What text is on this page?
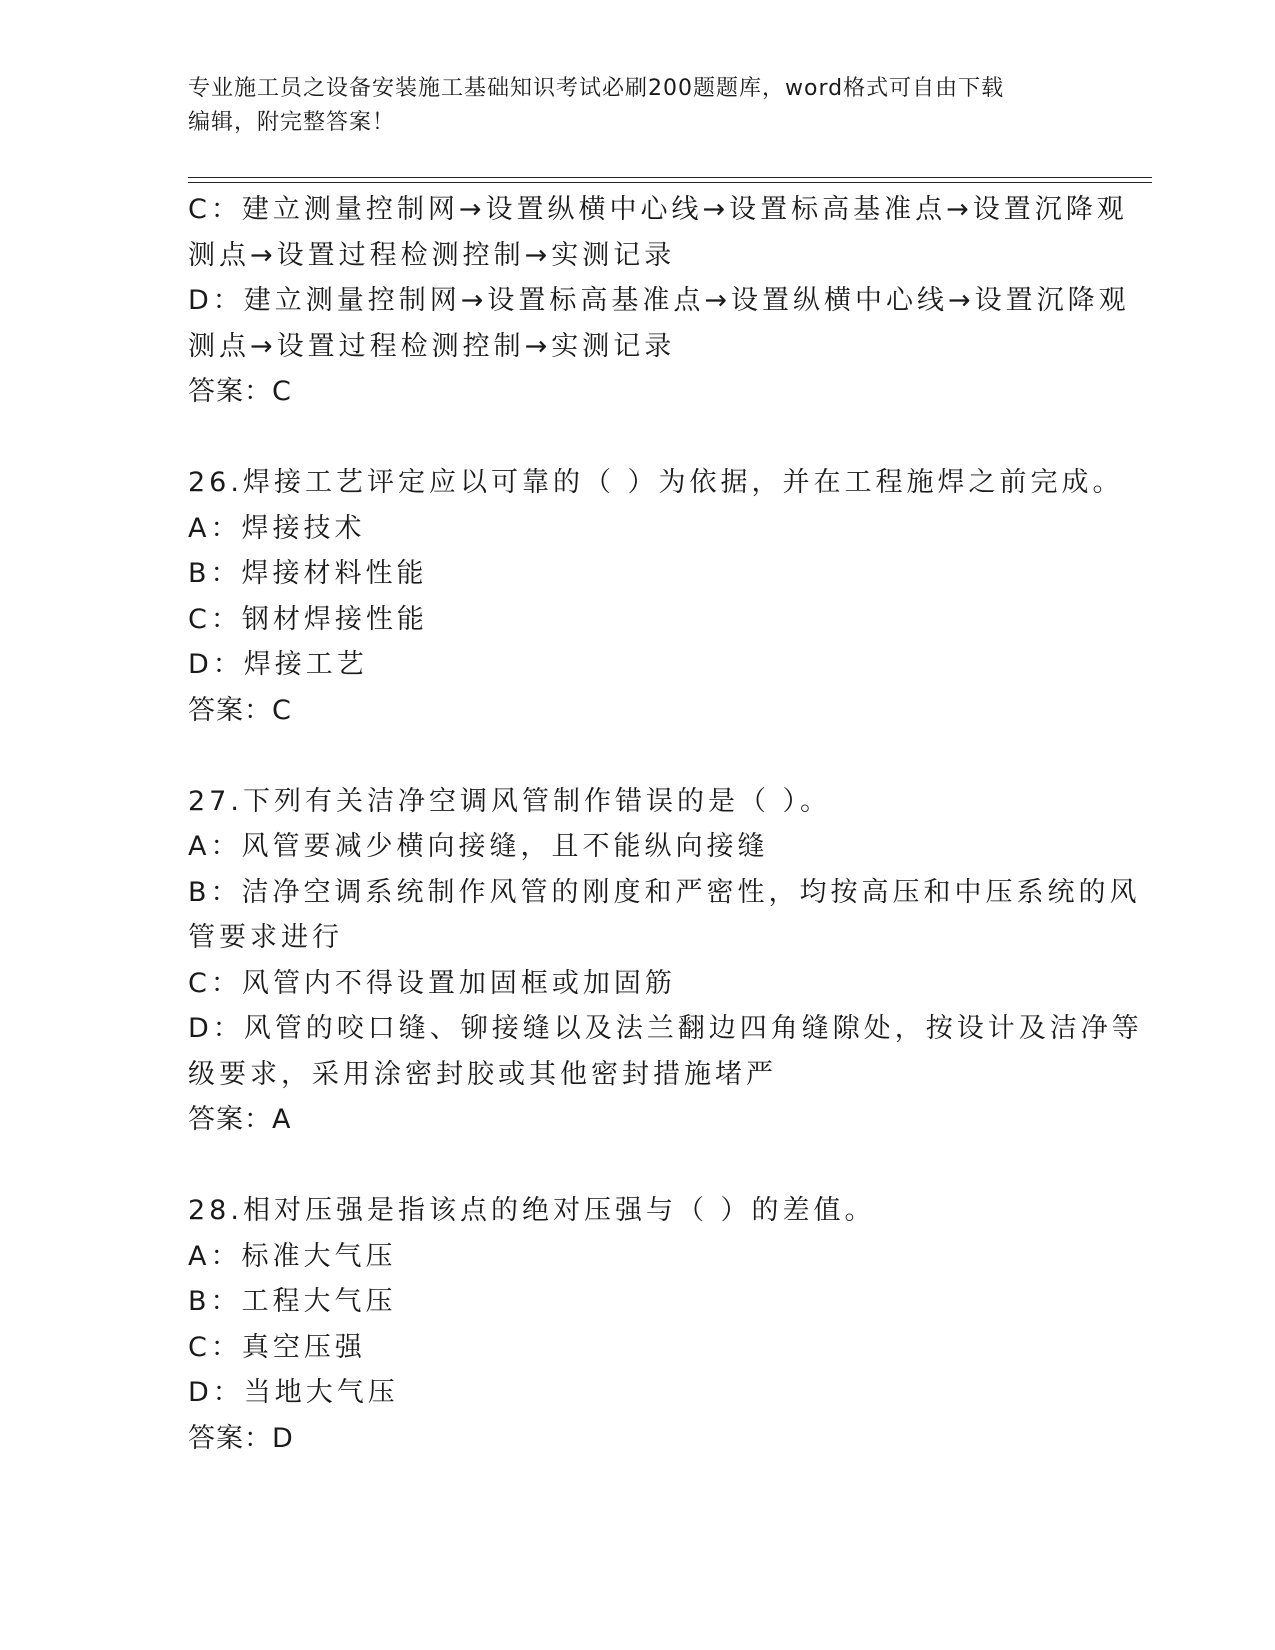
专业施工员之设备安装施工基础知识考试必刷200题题库，word格式可自由下载
编辑，附完整答案！
C：建立测量控制网→设置纵横中心线→设置标高基准点→设置沉降观
测点→设置过程检测控制→实测记录
D：建立测量控制网→设置标高基准点→设置纵横中心线→设置沉降观
测点→设置过程检测控制→实测记录
答案：C
26.焊接工艺评定应以可靠的（ ）为依据，并在工程施焊之前完成。
A：焊接技术
B：焊接材料性能
C：钢材焊接性能
D：焊接工艺
答案：C
27.下列有关洁净空调风管制作错误的是（ ）。
A：风管要减少横向接缝，且不能纵向接缝
B：洁净空调系统制作风管的刚度和严密性，均按高压和中压系统的风
管要求进行
C：风管内不得设置加固框或加固筋
D：风管的咬口缝、铆接缝以及法兰翻边四角缝隙处，按设计及洁净等
级要求，采用涂密封胶或其他密封措施堵严
答案：A
28.相对压强是指该点的绝对压强与（ ）的差值。
A：标准大气压
B：工程大气压
C：真空压强
D：当地大气压
答案：D
